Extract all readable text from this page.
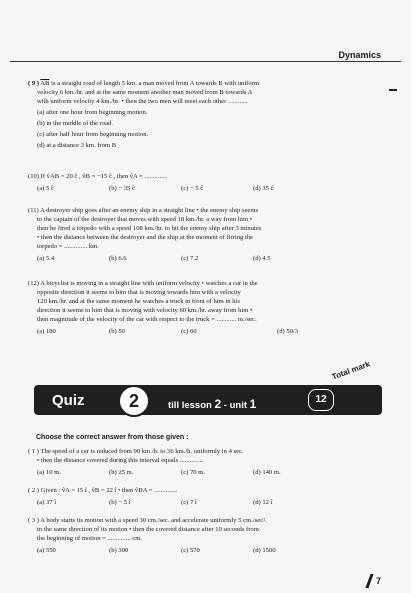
Dynamics

( 9 ) $\overline{AB}$ is a straight road of length 5 km. a man moved from A towards B with uniform

velocity 6 km./hr. and at the same moment another man moved from B towards A

with uniform velocity 4 km./hr. • then the two men will meet each other ............

(a) after one hour from beginning motion.

(b) in the middle of the road.

(c) after half hour from beginning motion.

(d) at a distance 3 km. from B

(10) If v̂AB = 20 ĉ , v̂B = −15 ĉ , then v̂A = ..............

(a) 5 ĉ	(b) − 35 ĉ	(c) − 5 ĉ	(d) 35 ĉ

(11) A destroyer ship goes after an enemy ship in a straight line • the enemy ship seems

to the captain of the destroyer that moves with speed 18 km./hr. a way from him •

then he fired a torpedo with a speed 108 km./hr. to hit the enemy ship after 3 minutes

• then the distance between the destroyer and the ship at the moment of firring the

torpedo = .............. km.

(a) 5.4	(b) 6.6	(c) 7.2	(d) 4.5

(12) A bicyclist is moving in a straight line with uniform velocity • watches a car in the

opposite direction it seems to him that is moving towards him with a velocity

120 km./hr. and at the same moment he watches a truck in front of him in his

direction it seems to him that is moving with velocity 60 km./hr. away from him •

then magnitude of the velocity of the car with respect to the truck = ............ m./sec.

(a) 180	(b) 50	(c) 60	(d) 50/3
Total mark
Quiz	2	till lesson 2 - unit 1	12
Choose the correct answer from those given :

( 1 ) The speed of a car is reduced from 90 km./h. to 36 km./h. uniformly in 4 sec.

• then the distance covered during this interval equals ..............

(a) 10 m.	(b) 25 m.	(c) 70 m.	(d) 140 m.

( 2 ) Given : v̂A = 15 î , v̂B = 22 î • then v̂BA = ..............

(a) 37 î	(b) − 5 î	(c) 7 î	(d) 12 î

( 3 ) A body starts its motion with a speed 30 cm./sec. and accelerate uniformly 5 cm./sec².

in the same direction of its motion • then the covered distance after 10 seconds from

the beginning of motion = .............. cm.

(a) 550	(b) 300	(c) 570	(d) 1500
7
